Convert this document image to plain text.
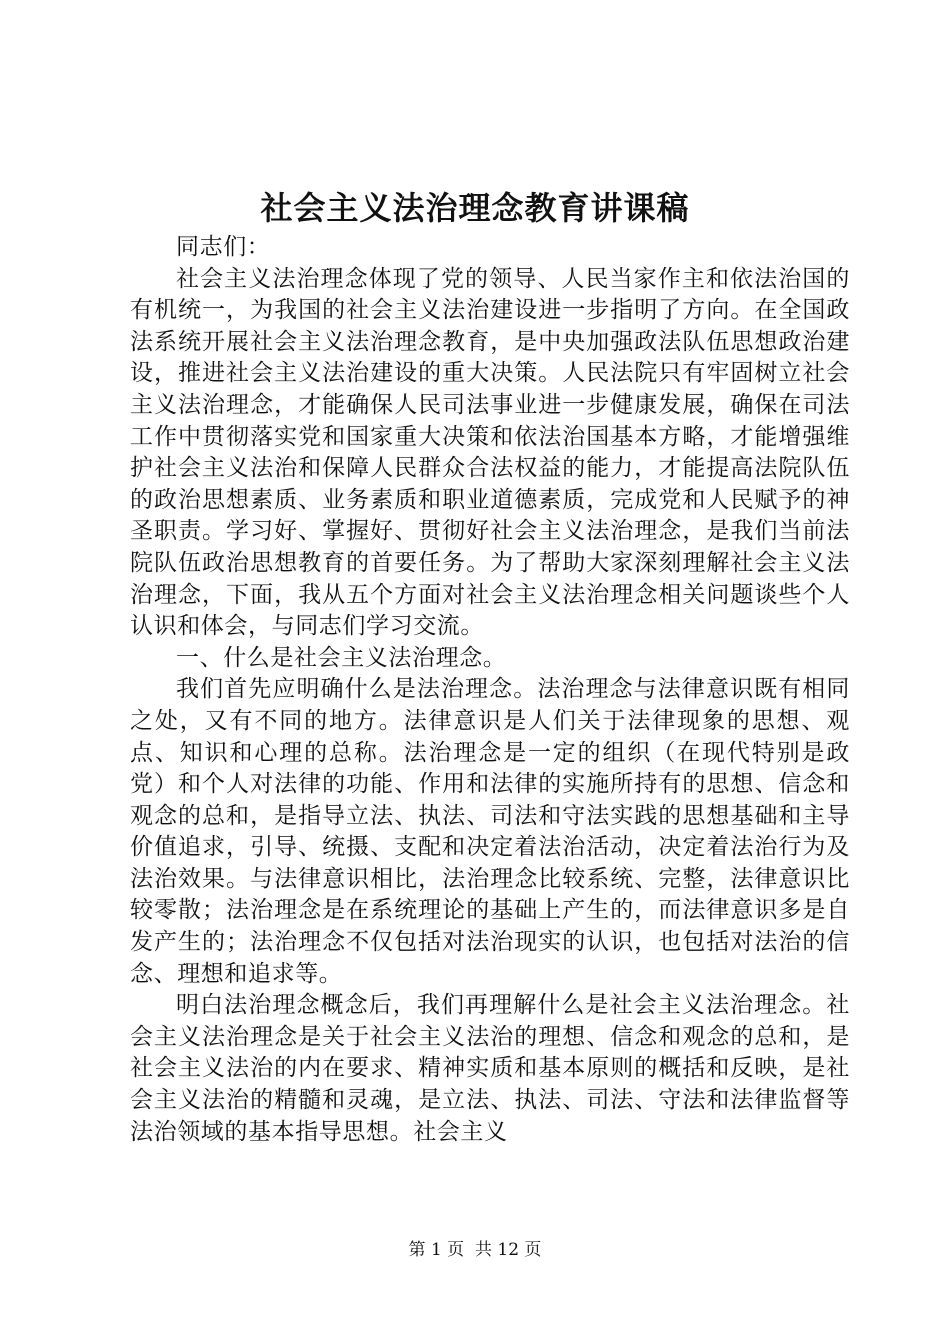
社会主义法治理念教育讲课稿

同志们：

社会主义法治理念体现了党的领导、人民当家作主和依法治国的有机统一，为我国的社会主义法治建设进一步指明了方向。在全国政法系统开展社会主义法治理念教育，是中央加强政法队伍思想政治建设，推进社会主义法治建设的重大决策。人民法院只有牢固树立社会主义法治理念，才能确保人民司法事业进一步健康发展，确保在司法工作中贯彻落实党和国家重大决策和依法治国基本方略，才能增强维护社会主义法治和保障人民群众合法权益的能力，才能提高法院队伍的政治思想素质、业务素质和职业道德素质，完成党和人民赋予的神圣职责。学习好、掌握好、贯彻好社会主义法治理念，是我们当前法院队伍政治思想教育的首要任务。为了帮助大家深刻理解社会主义法治理念，下面，我从五个方面对社会主义法治理念相关问题谈些个人认识和体会，与同志们学习交流。

一、什么是社会主义法治理念。

我们首先应明确什么是法治理念。法治理念与法律意识既有相同之处，又有不同的地方。法律意识是人们关于法律现象的思想、观点、知识和心理的总称。法治理念是一定的组织（在现代特别是政党）和个人对法律的功能、作用和法律的实施所持有的思想、信念和观念的总和，是指导立法、执法、司法和守法实践的思想基础和主导价值追求，引导、统摄、支配和决定着法治活动，决定着法治行为及法治效果。与法律意识相比，法治理念比较系统、完整，法律意识比较零散；法治理念是在系统理论的基础上产生的，而法律意识多是自发产生的；法治理念不仅包括对法治现实的认识，也包括对法治的信念、理想和追求等。

明白法治理念概念后，我们再理解什么是社会主义法治理念。社会主义法治理念是关于社会主义法治的理想、信念和观念的总和，是社会主义法治的内在要求、精神实质和基本原则的概括和反映，是社会主义法治的精髓和灵魂，是立法、执法、司法、守法和法律监督等法治领域的基本指导思想。社会主义

第 1 页 共 12 页
